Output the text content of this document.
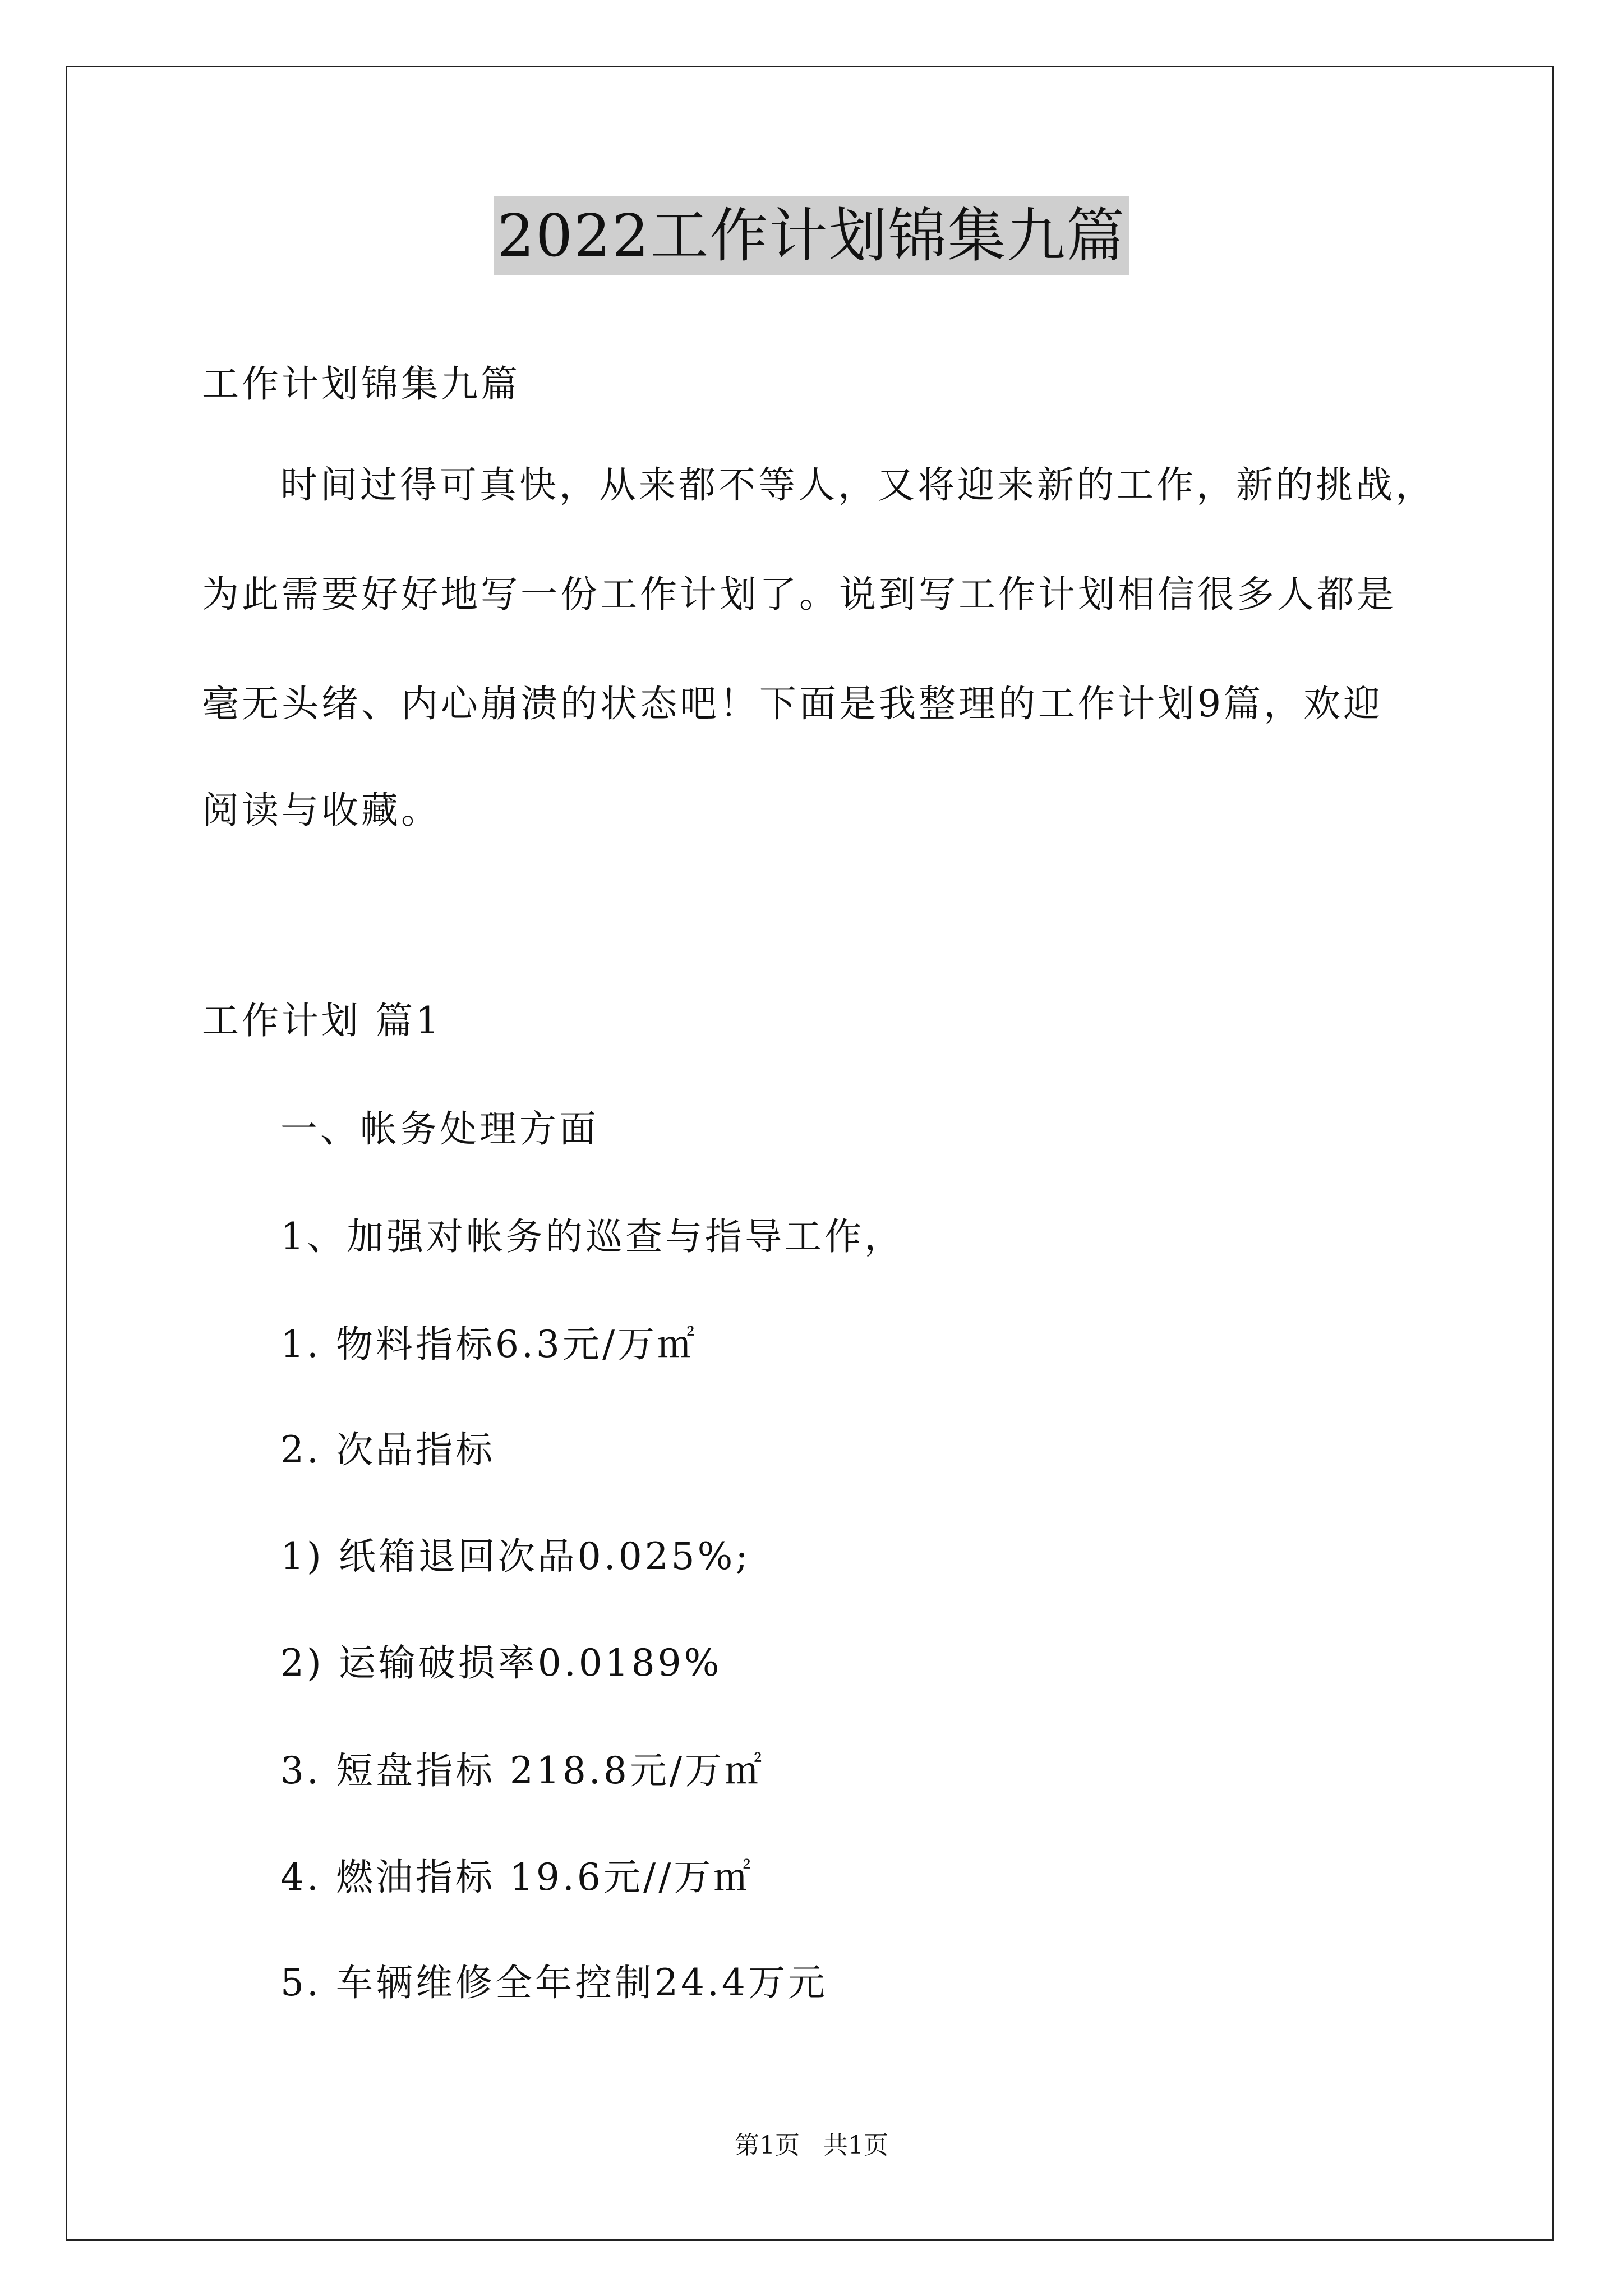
2022工作计划锦集九篇
工作计划锦集九篇
时间过得可真快，从来都不等人，又将迎来新的工作，新的挑战，
为此需要好好地写一份工作计划了。说到写工作计划相信很多人都是
毫无头绪、内心崩溃的状态吧！下面是我整理的工作计划9篇，欢迎
阅读与收藏。
工作计划 篇1
一、帐务处理方面
1、加强对帐务的巡查与指导工作，
1. 物料指标6.3元/万㎡
2. 次品指标
1) 纸箱退回次品0.025%;
2) 运输破损率0.0189%
3. 短盘指标 218.8元/万㎡
4. 燃油指标 19.6元//万㎡
5. 车辆维修全年控制24.4万元
第1页 共1页
